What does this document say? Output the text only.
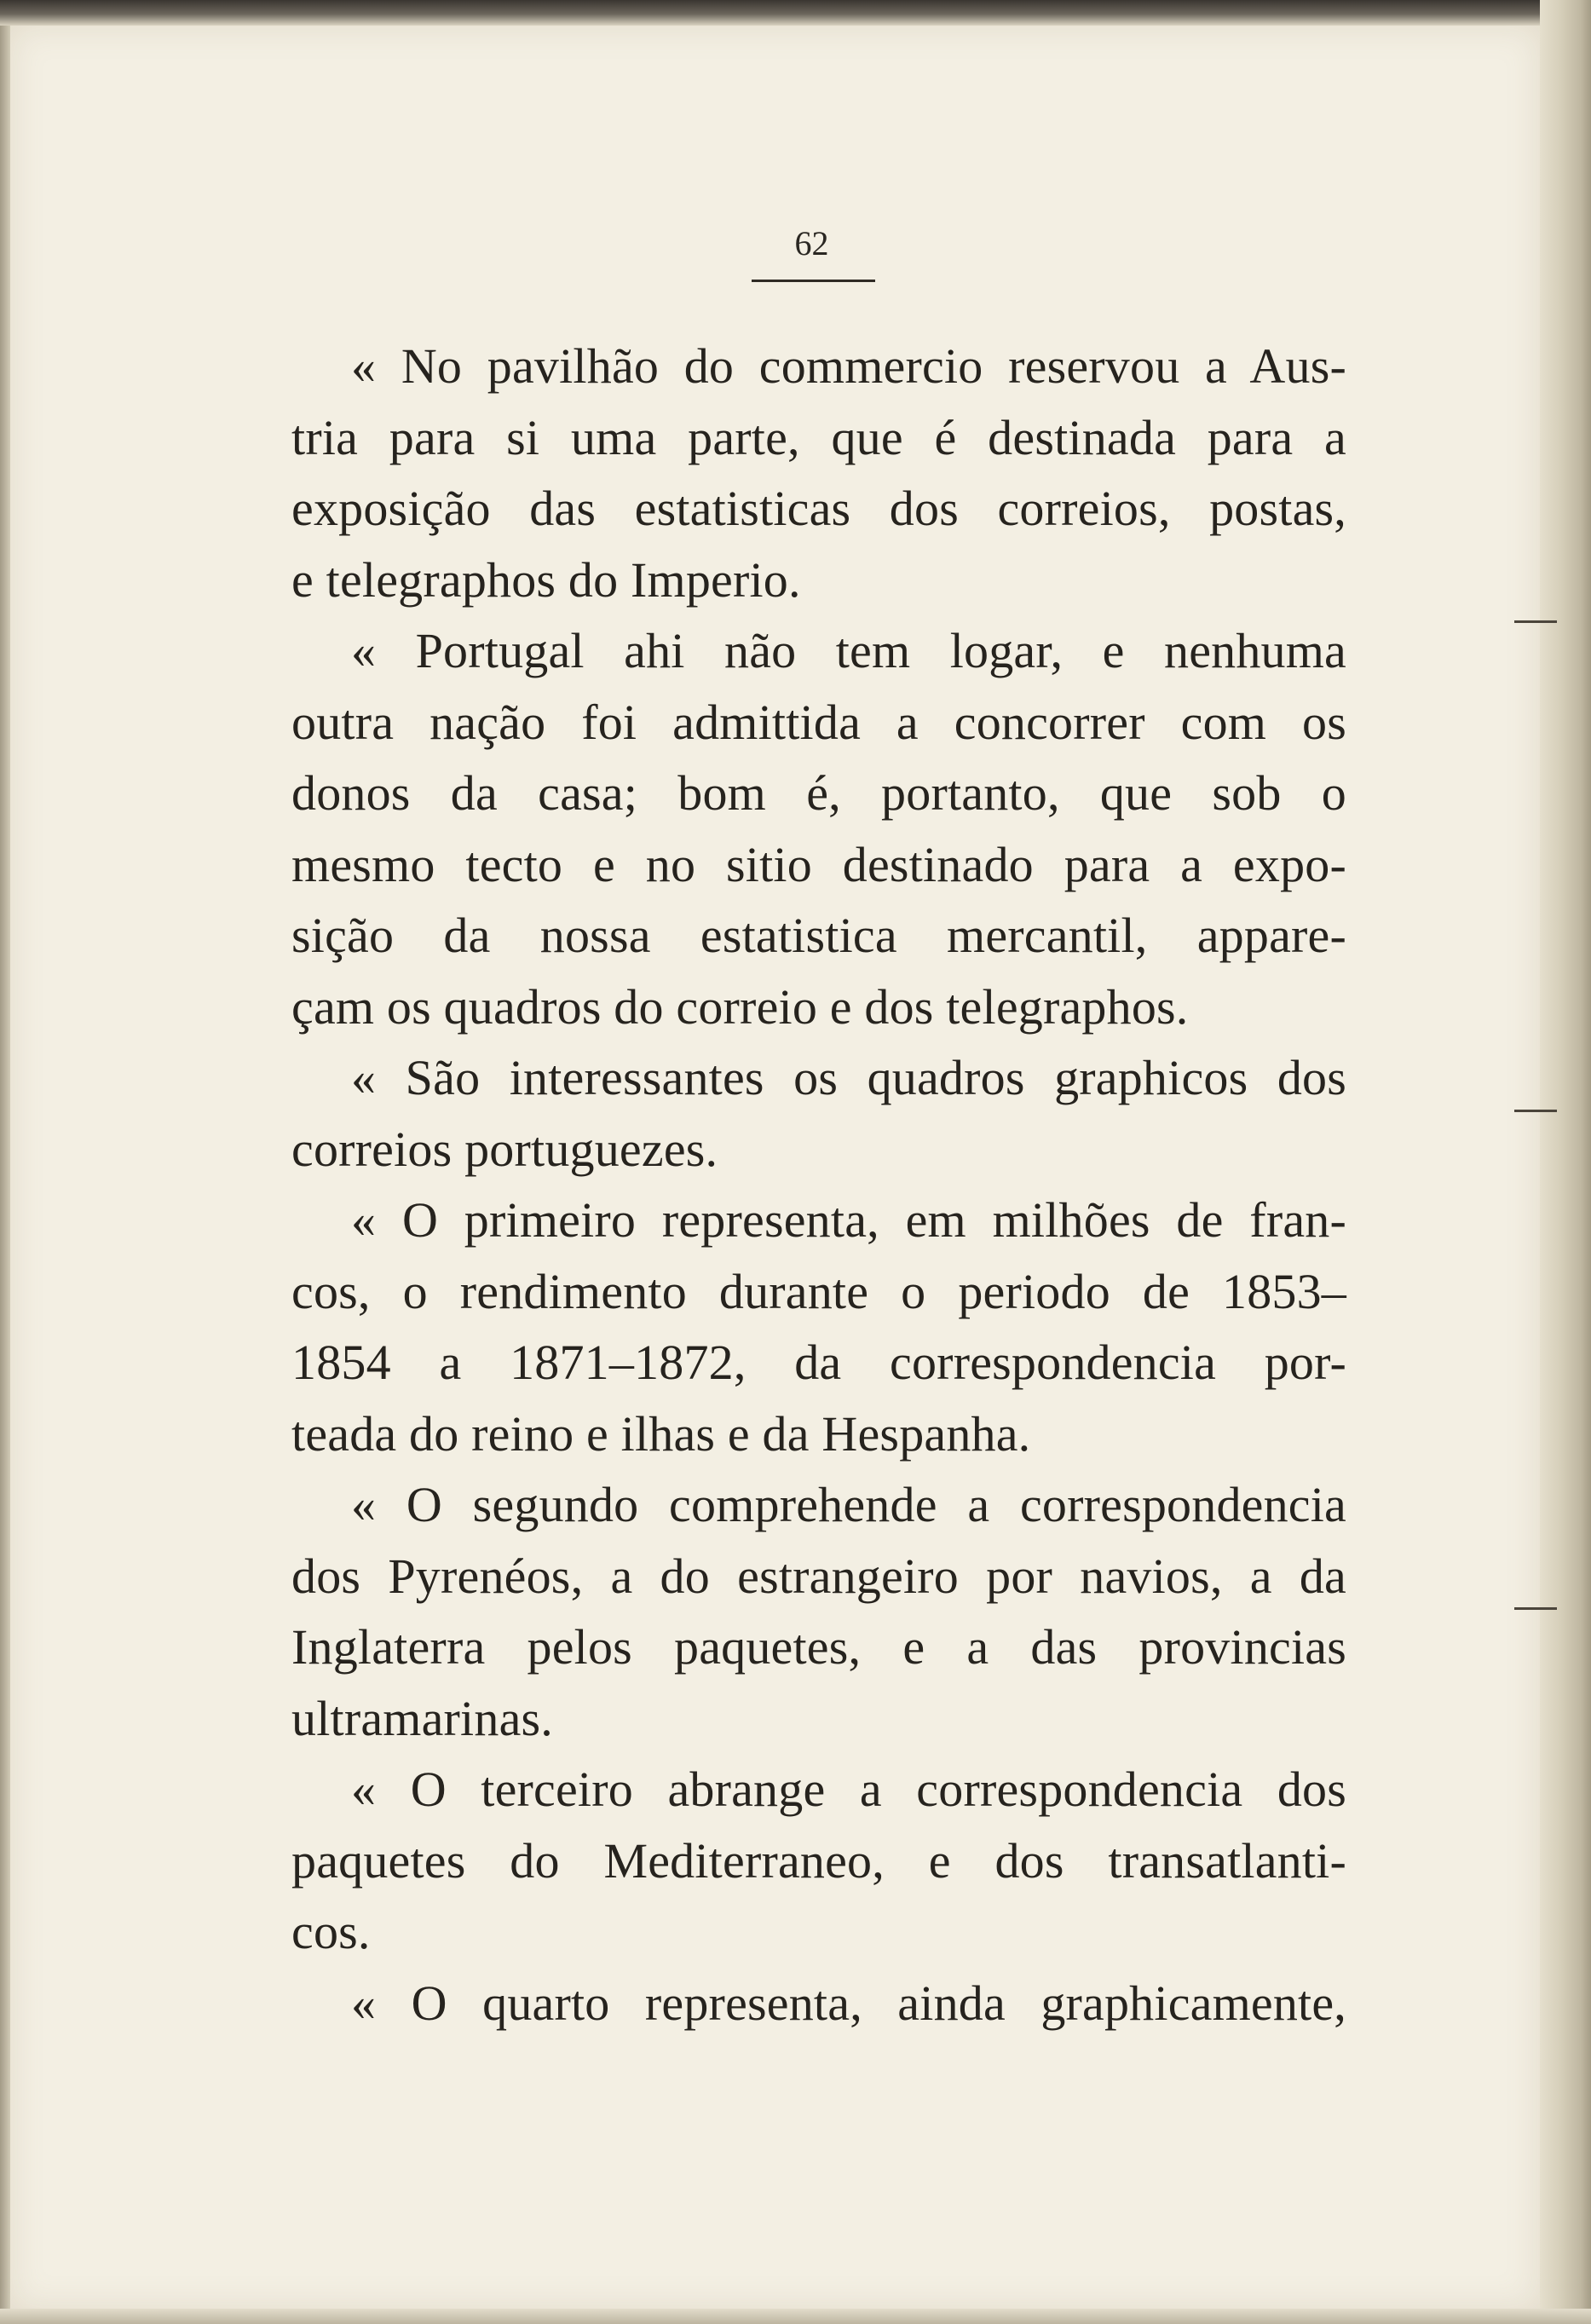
62
« No pavilhão do commercio reservou a Aus-
tria para si uma parte, que é destinada para a
exposição das estatisticas dos correios, postas,
e telegraphos do Imperio.
« Portugal ahi não tem logar, e nenhuma
outra nação foi admittida a concorrer com os
donos da casa; bom é, portanto, que sob o
mesmo tecto e no sitio destinado para a expo-
sição da nossa estatistica mercantil, appare-
çam os quadros do correio e dos telegraphos.
« São interessantes os quadros graphicos dos
correios portuguezes.
« O primeiro representa, em milhões de fran-
cos, o rendimento durante o periodo de 1853–
1854 a 1871–1872, da correspondencia por-
teada do reino e ilhas e da Hespanha.
« O segundo comprehende a correspondencia
dos Pyrenéos, a do estrangeiro por navios, a da
Inglaterra pelos paquetes, e a das provincias
ultramarinas.
« O terceiro abrange a correspondencia dos
paquetes do Mediterraneo, e dos transatlanti-
cos.
« O quarto representa, ainda graphicamente,
